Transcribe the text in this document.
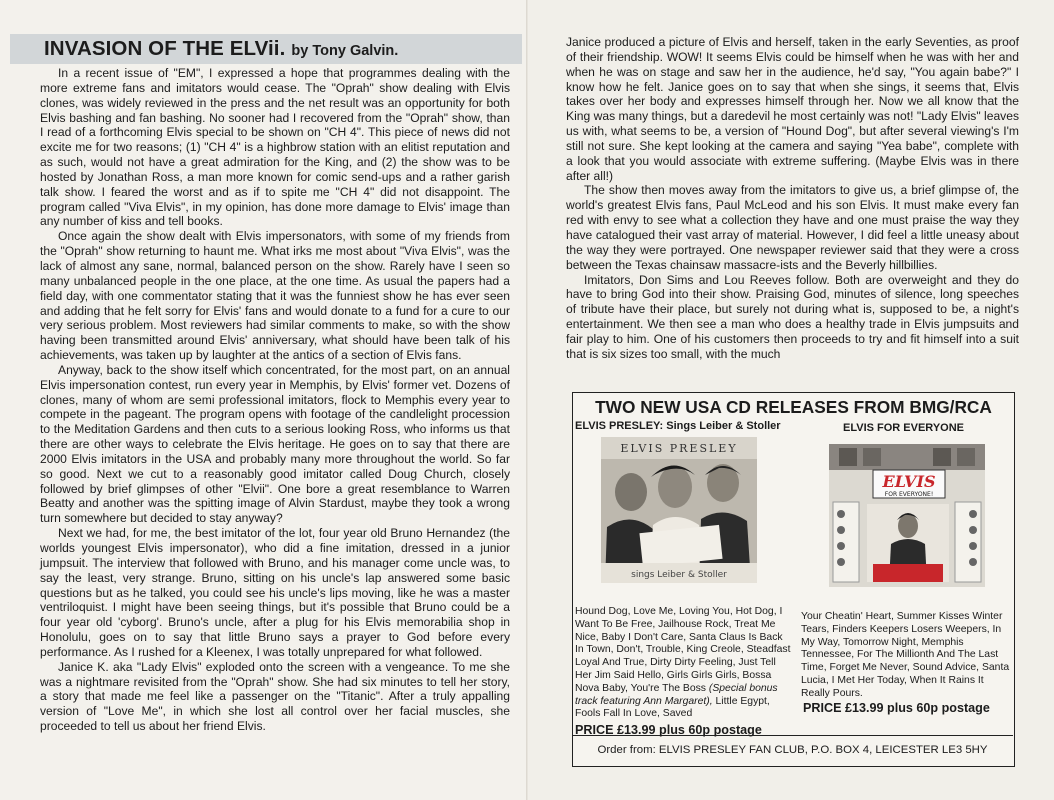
INVASION OF THE ELVii. by Tony Galvin.

In a recent issue of "EM", I expressed a hope that programmes dealing with the more extreme fans and imitators would cease. The "Oprah" show dealing with Elvis clones, was widely reviewed in the press and the net result was an opportunity for both Elvis bashing and fan bashing. No sooner had I recovered from the "Oprah" show, than I read of a forthcoming Elvis special to be shown on "CH 4". This piece of news did not excite me for two reasons; (1) "CH 4" is a highbrow station with an elitist reputation and as such, would not have a great admiration for the King, and (2) the show was to be hosted by Jonathan Ross, a man more known for comic send-ups and a rather garish talk show. I feared the worst and as if to spite me "CH 4" did not disappoint. The program called "Viva Elvis", in my opinion, has done more damage to Elvis' image than any number of kiss and tell books.

Once again the show dealt with Elvis impersonators, with some of my friends from the "Oprah" show returning to haunt me. What irks me most about "Viva Elvis", was the lack of almost any sane, normal, balanced person on the show. Rarely have I seen so many unbalanced people in the one place, at the one time. As usual the papers had a field day, with one commentator stating that it was the funniest show he has ever seen and adding that he felt sorry for Elvis' fans and would donate to a fund for a cure to our very serious problem. Most reviewers had similar comments to make, so with the show having been transmitted around Elvis' anniversary, what should have been talk of his achievements, was taken up by laughter at the antics of a section of Elvis fans.

Anyway, back to the show itself which concentrated, for the most part, on an annual Elvis impersonation contest, run every year in Memphis, by Elvis' former vet. Dozens of clones, many of whom are semi professional imitators, flock to Memphis every year to compete in the pageant. The program opens with footage of the candlelight procession to the Meditation Gardens and then cuts to a serious looking Ross, who informs us that there are other ways to celebrate the Elvis heritage. He goes on to say that there are 2000 Elvis imitators in the USA and probably many more throughout the world. So far so good. Next we cut to a reasonably good imitator called Doug Church, closely followed by brief glimpses of other "Elvii". One bore a great resemblance to Warren Beatty and another was the spitting image of Alvin Stardust, maybe they took a wrong turn somewhere but decided to stay anyway?

Next we had, for me, the best imitator of the lot, four year old Bruno Hernandez (the worlds youngest Elvis impersonator), who did a fine imitation, dressed in a junior jumpsuit. The interview that followed with Bruno, and his manager come uncle was, to say the least, very strange. Bruno, sitting on his uncle's lap answered some basic questions but as he talked, you could see his uncle's lips moving, like he was a master ventriloquist. I might have been seeing things, but it's possible that Bruno could be a four year old 'cyborg'. Bruno's uncle, after a plug for his Elvis memorabilia shop in Honolulu, goes on to say that little Bruno says a prayer to God before every performance. As I rushed for a Kleenex, I was totally unprepared for what followed.

Janice K. aka "Lady Elvis" exploded onto the screen with a vengeance. To me she was a nightmare revisited from the "Oprah" show. She had six minutes to tell her story, a story that made me feel like a passenger on the "Titanic". After a truly appalling version of "Love Me", in which she lost all control over her facial muscles, she proceeded to tell us about her friend Elvis.

Janice produced a picture of Elvis and herself, taken in the early Seventies, as proof of their friendship. WOW! It seems Elvis could be himself when he was with her and when he was on stage and saw her in the audience, he'd say, "You again babe?" I know how he felt. Janice goes on to say that when she sings, it seems that, Elvis takes over her body and expresses himself through her. Now we all know that the King was many things, but a daredevil he most certainly was not! "Lady Elvis" leaves us with, what seems to be, a version of "Hound Dog", but after several viewing's I'm still not sure. She kept looking at the camera and saying "Yea babe", complete with a look that you would associate with extreme suffering. (Maybe Elvis was in there after all!)

The show then moves away from the imitators to give us, a brief glimpse of, the world's greatest Elvis fans, Paul McLeod and his son Elvis. It must make every fan red with envy to see what a collection they have and one must praise the way they have catalogued their vast array of material. However, I did feel a little uneasy about the way they were portrayed. One newspaper reviewer said that they were a cross between the Texas chainsaw massacre-ists and the Beverly hillbillies.

Imitators, Don Sims and Lou Reeves follow. Both are overweight and they do have to bring God into their show. Praising God, minutes of silence, long speeches of tribute have their place, but surely not during what is, supposed to be, a night's entertainment. We then see a man who does a healthy trade in Elvis jumpsuits and fair play to him. One of his customers then proceeds to try and fit himself into a suit that is six sizes too small, with the much

TWO NEW USA CD RELEASES FROM BMG/RCA
ELVIS PRESLEY: Sings Leiber & Stoller	ELVIS FOR EVERYONE
ELVIS PRESLEY
sings Leiber & Stoller
ELVIS
FOR EVERYONE!
Hound Dog, Love Me, Loving You, Hot Dog, I Want To Be Free, Jailhouse Rock, Treat Me Nice, Baby I Don't Care, Santa Claus Is Back In Town, Don't, Trouble, King Creole, Steadfast Loyal And True, Dirty Dirty Feeling, Just Tell Her Jim Said Hello, Girls Girls Girls, Bossa Nova Baby, You're The Boss (Special bonus track featuring Ann Margaret), Little Egypt, Fools Fall In Love, Saved
Your Cheatin' Heart, Summer Kisses Winter Tears, Finders Keepers Losers Weepers, In My Way, Tomorrow Night, Memphis Tennessee, For The Millionth And The Last Time, Forget Me Never, Sound Advice, Santa Lucia, I Met Her Today, When It Rains It Really Pours.
PRICE £13.99 plus 60p postage
PRICE £13.99 plus 60p postage
Order from: ELVIS PRESLEY FAN CLUB, P.O. BOX 4, LEICESTER LE3 5HY
